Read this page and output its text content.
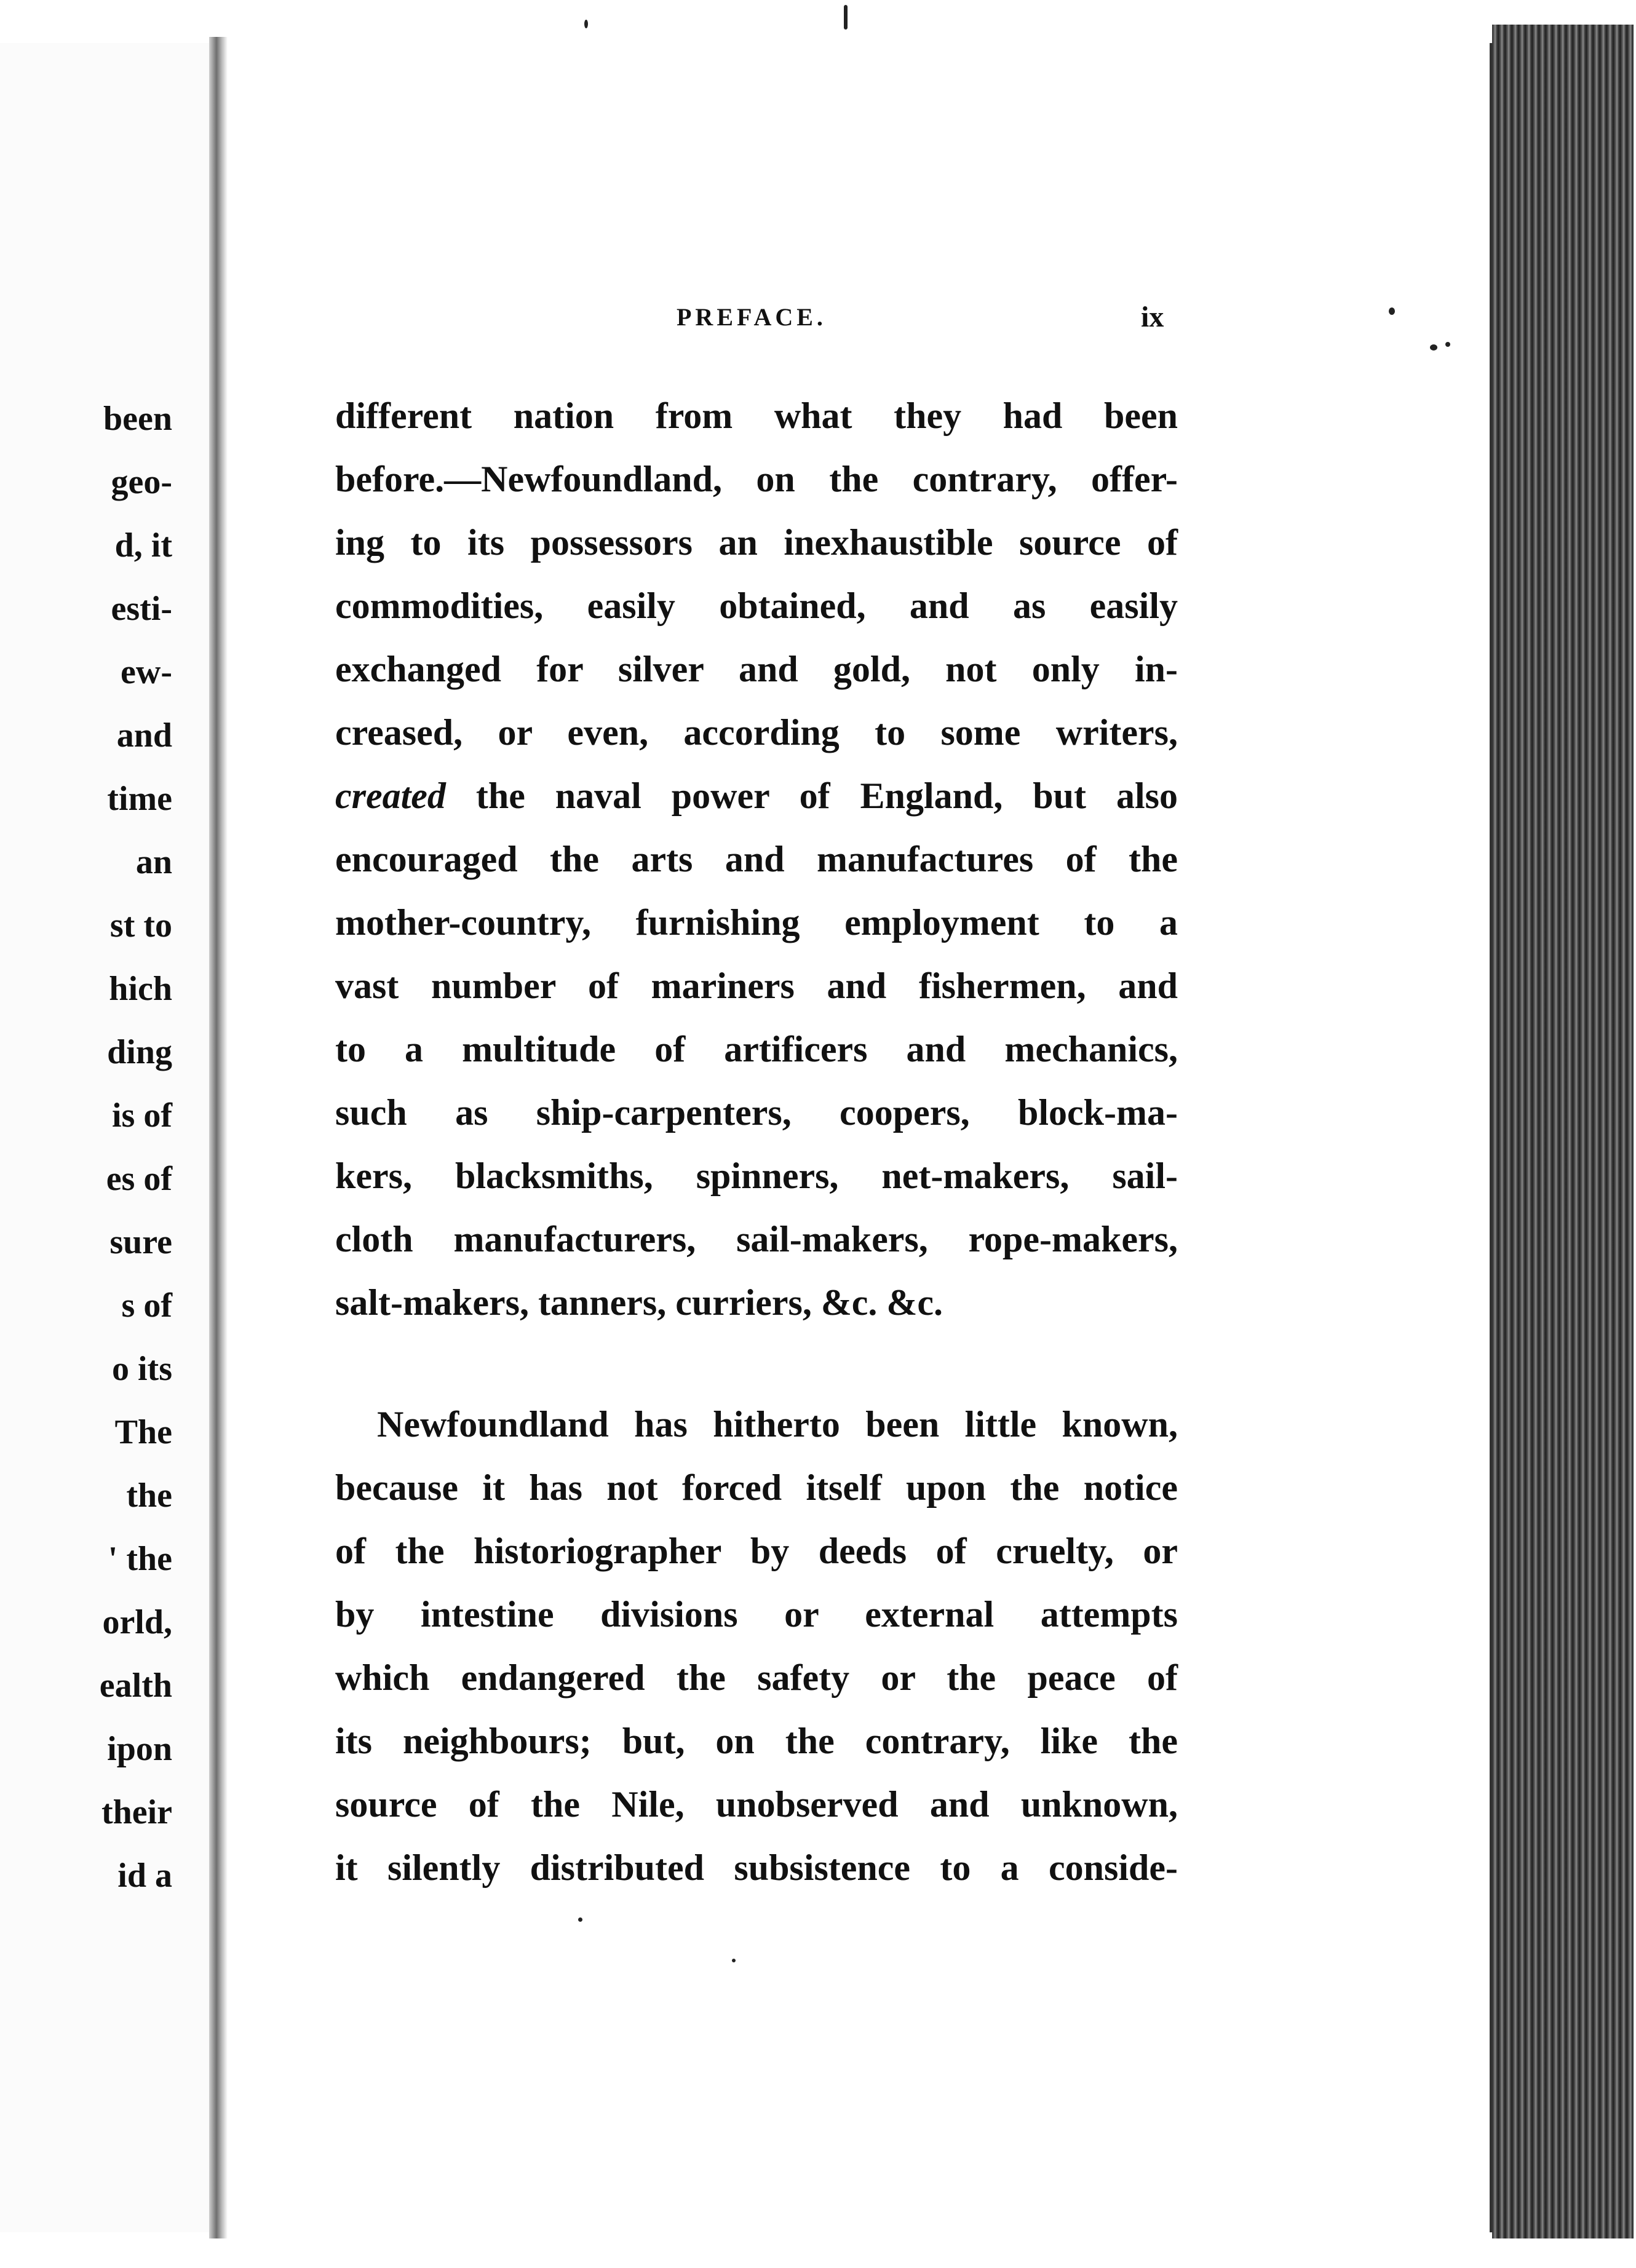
been
geo-
d, it
esti-
ew-
and
time
an
st to
hich
ding
is of
es of
sure
s of
o its
The
the
' the
orld,
ealth
ipon
their
id a
PREFACE.	ix
different nation from what they had been
before.—Newfoundland, on the contrary, offer-
ing to its possessors an inexhaustible source of
commodities, easily obtained, and as easily
exchanged for silver and gold, not only in-
creased, or even, according to some writers,
created the naval power of England, but also
encouraged the arts and manufactures of the
mother-country, furnishing employment to a
vast number of mariners and fishermen, and
to a multitude of artificers and mechanics,
such as ship-carpenters, coopers, block-ma-
kers, blacksmiths, spinners, net-makers, sail-
cloth manufacturers, sail-makers, rope-makers,
salt-makers, tanners, curriers, &c. &c.
Newfoundland has hitherto been little known,
because it has not forced itself upon the notice
of the historiographer by deeds of cruelty, or
by intestine divisions or external attempts
which endangered the safety or the peace of
its neighbours; but, on the contrary, like the
source of the Nile, unobserved and unknown,
it silently distributed subsistence to a conside-
